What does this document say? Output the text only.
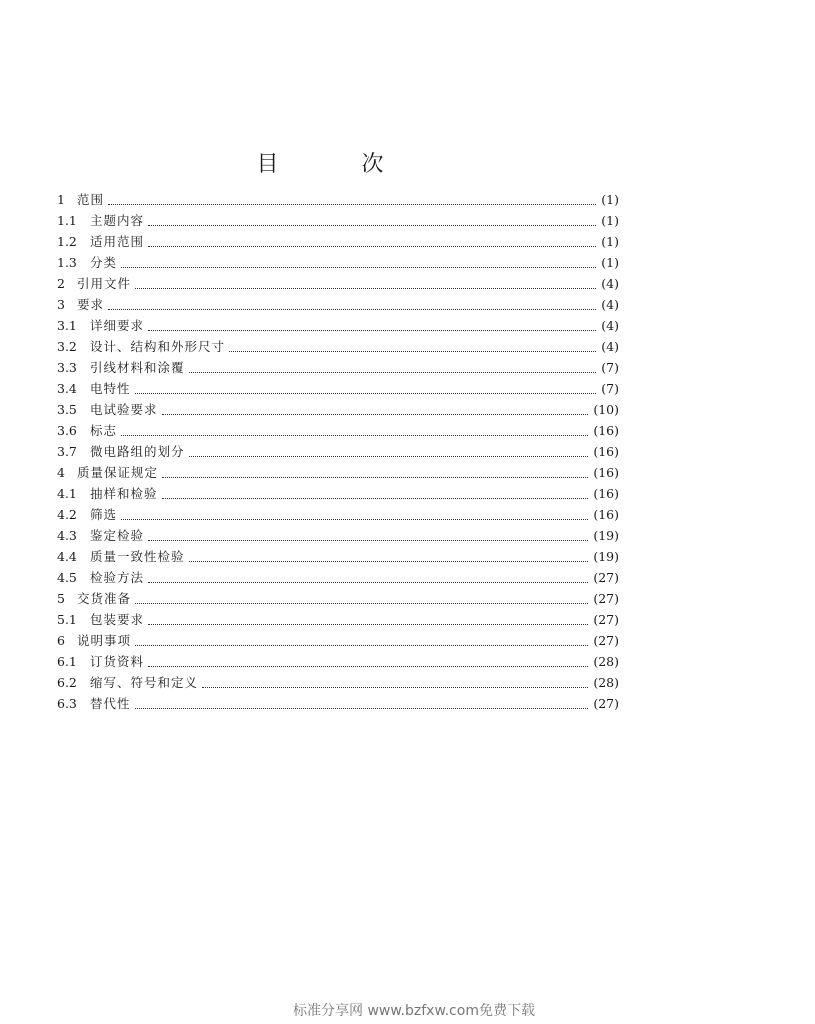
目 次
1 范围	(1)
1.1	主题内容	(1)
1.2	适用范围	(1)
1.3	分类	(1)
2 引用文件	(4)
3 要求	(4)
3.1	详细要求	(4)
3.2	设计、结构和外形尺寸	(4)
3.3	引线材料和涂覆	(7)
3.4	电特性	(7)
3.5	电试验要求	(10)
3.6	标志	(16)
3.7	微电路组的划分	(16)
4 质量保证规定	(16)
4.1	抽样和检验	(16)
4.2	筛选	(16)
4.3	鉴定检验	(19)
4.4	质量一致性检验	(19)
4.5	检验方法	(27)
5 交货准备	(27)
5.1	包装要求	(27)
6 说明事项	(27)
6.1	订货资料	(28)
6.2	缩写、符号和定义	(28)
6.3	替代性	(27)
标准分享网 www.bzfxw.com免费下载
